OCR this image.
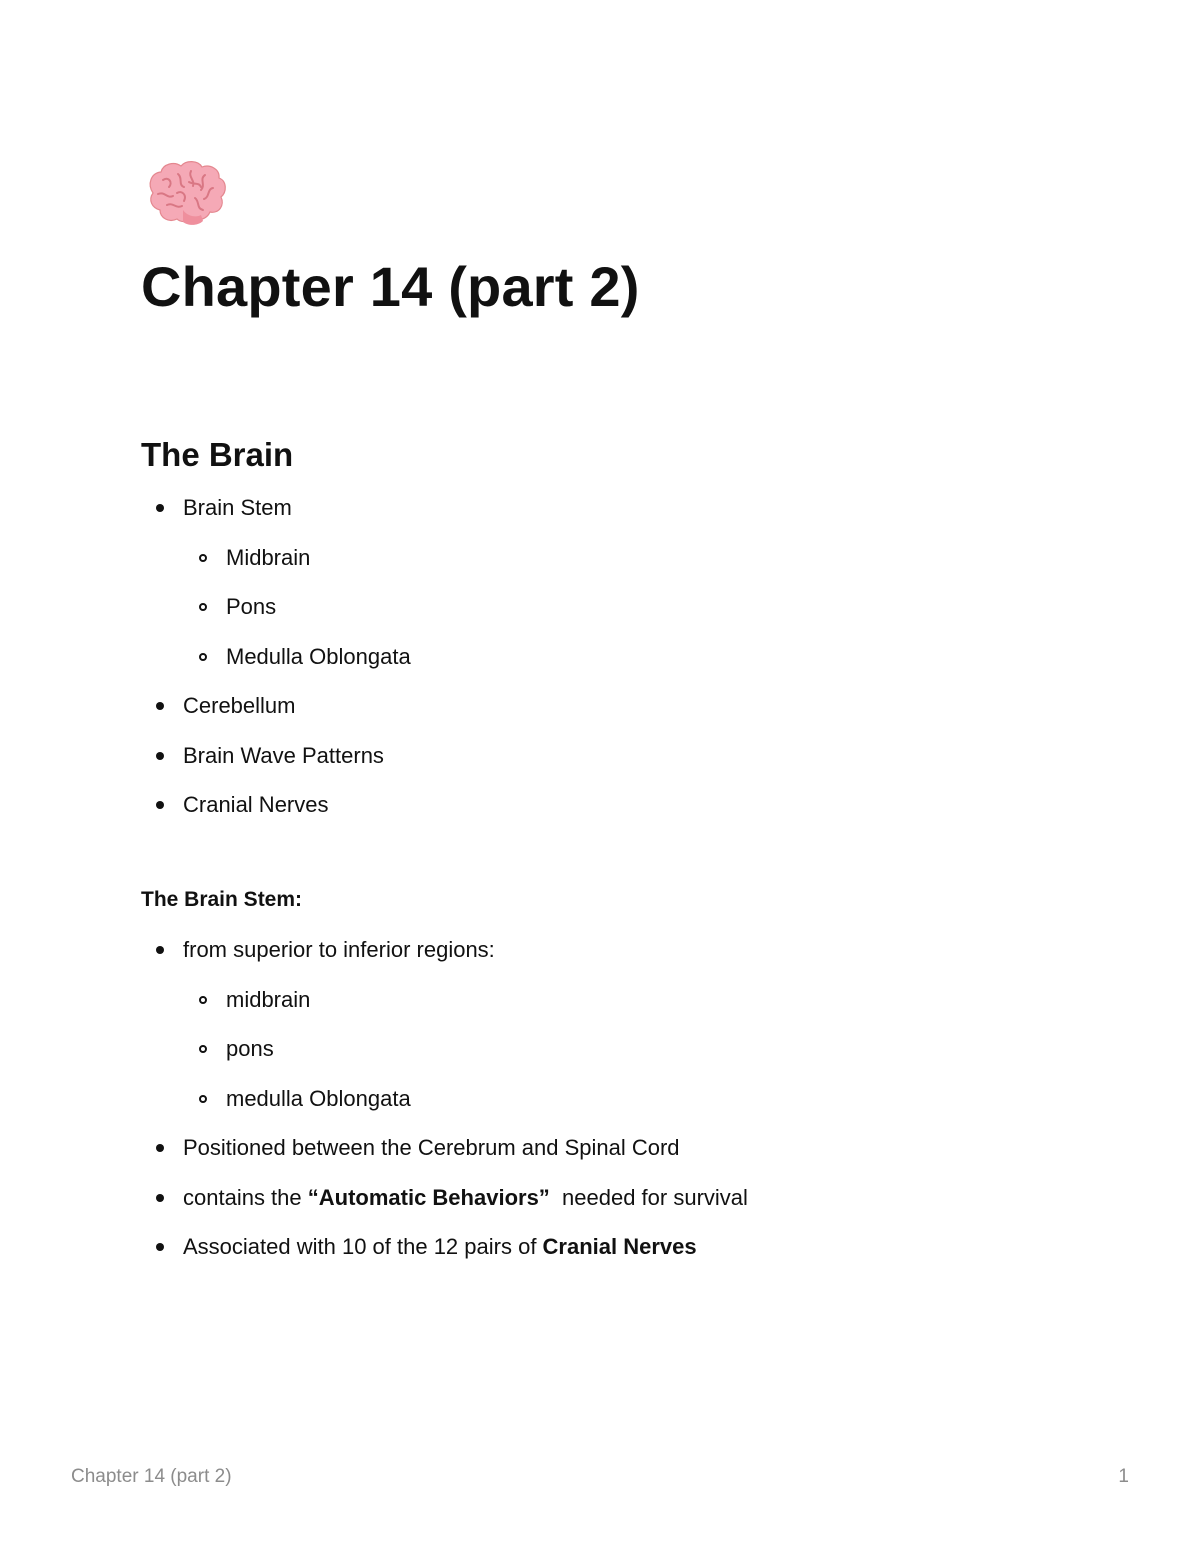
Chapter 14 (part 2)
The Brain
Brain Stem
Midbrain
Pons
Medulla Oblongata
Cerebellum
Brain Wave Patterns
Cranial Nerves
The Brain Stem:
from superior to inferior regions:
midbrain
pons
medulla Oblongata
Positioned between the Cerebrum and Spinal Cord
contains the “Automatic Behaviors”  needed for survival
Associated with 10 of the 12 pairs of Cranial Nerves
Chapter 14 (part 2)	1
